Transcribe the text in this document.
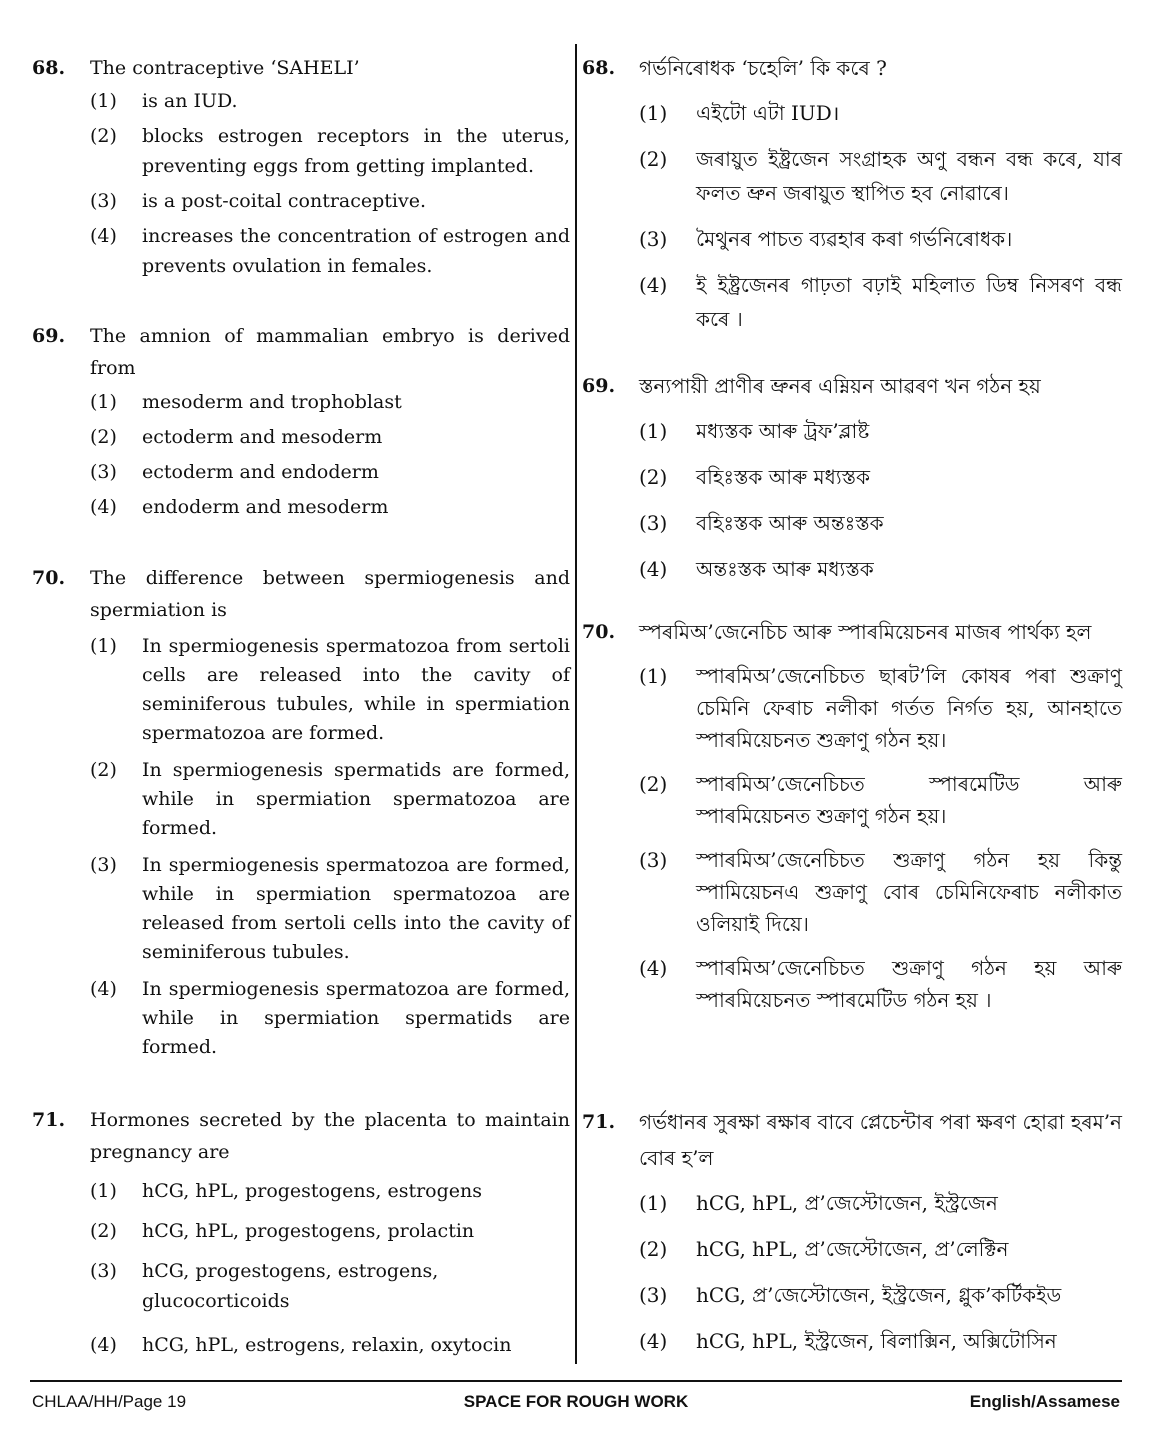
68. The contraceptive ‘SAHELI’
(1) is an IUD.
(2) blocks estrogen receptors in the uterus, preventing eggs from getting implanted.
(3) is a post-coital contraceptive.
(4) increases the concentration of estrogen and prevents ovulation in females.
69. The amnion of mammalian embryo is derived from
(1) mesoderm and trophoblast
(2) ectoderm and mesoderm
(3) ectoderm and endoderm
(4) endoderm and mesoderm
70. The difference between spermiogenesis and spermiation is
(1) In spermiogenesis spermatozoa from sertoli cells are released into the cavity of seminiferous tubules, while in spermiation spermatozoa are formed.
(2) In spermiogenesis spermatids are formed, while in spermiation spermatozoa are formed.
(3) In spermiogenesis spermatozoa are formed, while in spermiation spermatozoa are released from sertoli cells into the cavity of seminiferous tubules.
(4) In spermiogenesis spermatozoa are formed, while in spermiation spermatids are formed.
71. Hormones secreted by the placenta to maintain pregnancy are
(1) hCG, hPL, progestogens, estrogens
(2) hCG, hPL, progestogens, prolactin
(3) hCG, progestogens, estrogens, glucocorticoids
(4) hCG, hPL, estrogens, relaxin, oxytocin
68. গৰ্ভনিৰোধক ‘চহেলি’ কি কৰে ?
(1) এইটো এটা IUD।
(2) জৰায়ুত ইষ্ট্ৰজেন সংগ্ৰাহক অণু বন্ধন বন্ধ কৰে, যাৰ ফলত ভ্ৰুন জৰায়ুত স্থাপিত হব নোৱাৰে।
(3) মৈথুনৰ পাচত ব্যৱহাৰ কৰা গৰ্ভনিৰোধক।
(4) ই ইষ্ট্ৰজেনৰ গাঢ়তা বঢ়াই মহিলাত ডিম্ব নিসৰণ বন্ধ কৰে ।
69. স্তন্যপায়ী প্ৰাণীৰ ভ্ৰুনৰ এম্নিয়ন আৱৰণ খন গঠন হয়
(1) মধ্যস্তক আৰু ট্ৰফ’ব্লাষ্ট
(2) বহিঃস্তক আৰু মধ্যস্তক
(3) বহিঃস্তক আৰু অন্তঃস্তক
(4) অন্তঃস্তক আৰু মধ্যস্তক
70. স্পৰমিঅ’জেনেচিচ আৰু স্পাৰমিয়েচনৰ মাজৰ পাৰ্থক্য হল
(1) স্পাৰমিঅ’জেনেচিচত ছাৰট’লি কোষৰ পৰা শুক্ৰাণু চেমিনি ফেৰাচ নলীকা গৰ্তত নিৰ্গত হয়, আনহাতে স্পাৰমিয়েচনত শুক্ৰাণু গঠন হয়।
(2) স্পাৰমিঅ’জেনেচিচত স্পাৰমেটিড আৰু স্পাৰমিয়েচনত শুক্ৰাণু গঠন হয়।
(3) স্পাৰমিঅ’জেনেচিচত শুক্ৰাণু গঠন হয় কিন্তু স্পামিয়েচনএ শুক্ৰাণু বোৰ চেমিনিফেৰাচ নলীকাত ওলিয়াই দিয়ে।
(4) স্পাৰমিঅ’জেনেচিচত শুক্ৰাণু গঠন হয় আৰু স্পাৰমিয়েচনত স্পাৰমেটিড গঠন হয় ।
71. গৰ্ভধানৰ সুৰক্ষা ৰক্ষাৰ বাবে প্লেচেন্টাৰ পৰা ক্ষৰণ হোৱা হৰম’ন বোৰ হ’ল
(1) hCG, hPL, প্ৰ’জেস্টোজেন, ইস্ট্ৰজেন
(2) hCG, hPL, প্ৰ’জেস্টোজেন, প্ৰ’লেক্টিন
(3) hCG, প্ৰ’জেস্টোজেন, ইস্ট্ৰজেন, গ্লুক’কৰ্টিকইড
(4) hCG, hPL, ইস্ট্ৰজেন, ৰিলাক্সিন, অক্সিটোসিন
CHLAA/HH/Page 19	SPACE FOR ROUGH WORK	English/Assamese
